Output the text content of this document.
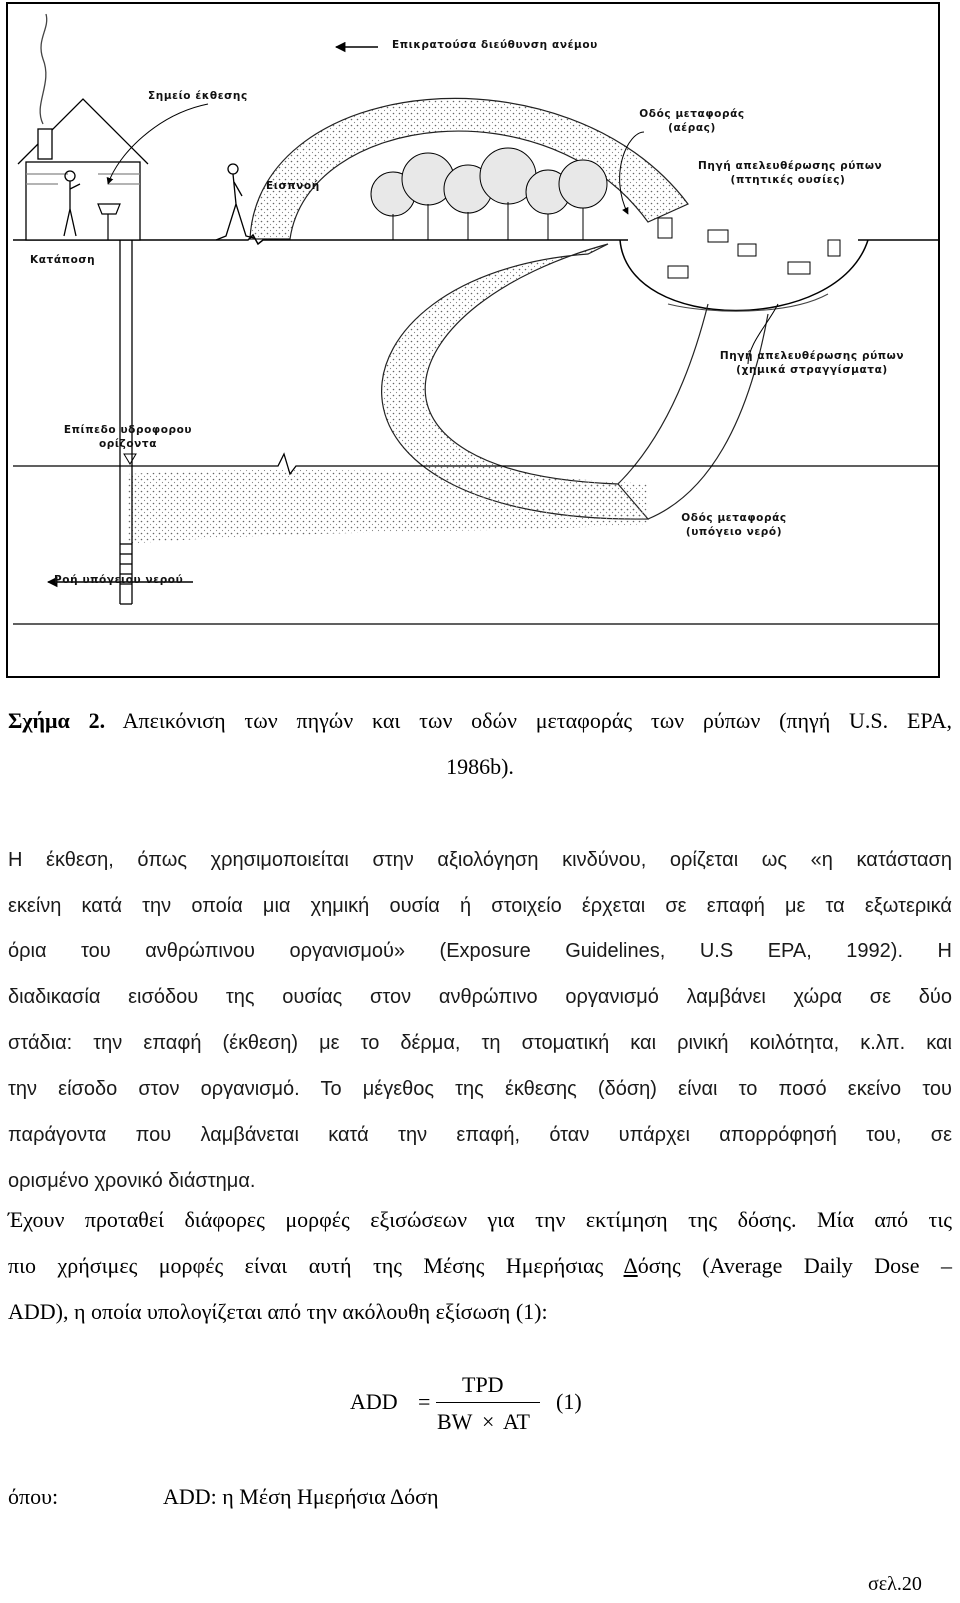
Επικρατούσα διεύθυνση ανέμου
Σημείο έκθεσης
Οδός μεταφοράς
(αέρας)
Πηγή απελευθέρωσης ρύπων
(πτητικές ουσίες)
Εισπνοή
Κατάποση
Πηγή απελευθέρωσης ρύπων
(χημικά στραγγίσματα)
Επίπεδο υδροφορου
ορίζοντα
Οδός μεταφοράς
(υπόγειο νερό)
Ροή υπόγειου νερού
Σχήμα 2. Απεικόνιση των πηγών και των οδών μεταφοράς των ρύπων (πηγή U.S. EPA,
1986b).
Η έκθεση, όπως χρησιμοποιείται στην αξιολόγηση κινδύνου, ορίζεται ως «η κατάσταση
εκείνη κατά την οποία μια χημική ουσία ή στοιχείο έρχεται σε επαφή με τα εξωτερικά
όρια του ανθρώπινου οργανισμού» (Exposure Guidelines, U.S EPA, 1992). Η
διαδικασία εισόδου της ουσίας στον ανθρώπινο οργανισμό λαμβάνει χώρα σε δύο
στάδια: την επαφή (έκθεση) με το δέρμα, τη στοματική και ρινική κοιλότητα, κ.λπ. και
την είσοδο στον οργανισμό. Το μέγεθος της έκθεσης (δόση) είναι το ποσό εκείνο του
παράγοντα που λαμβάνεται κατά την επαφή, όταν υπάρχει απορρόφησή του, σε
ορισμένο χρονικό διάστημα.
Έχουν προταθεί διάφορες μορφές εξισώσεων για την εκτίμηση της δόσης. Μία από τις
πιο χρήσιμες μορφές είναι αυτή της Μέσης Ημερήσιας Δόσης (Average Daily Dose –
ADD), η οποία υπολογίζεται από την ακόλουθη εξίσωση (1):
ADD =
TPD
BW × AT
(1)
όπου:	ADD: η Μέση Ημερήσια Δόση
σελ.20
